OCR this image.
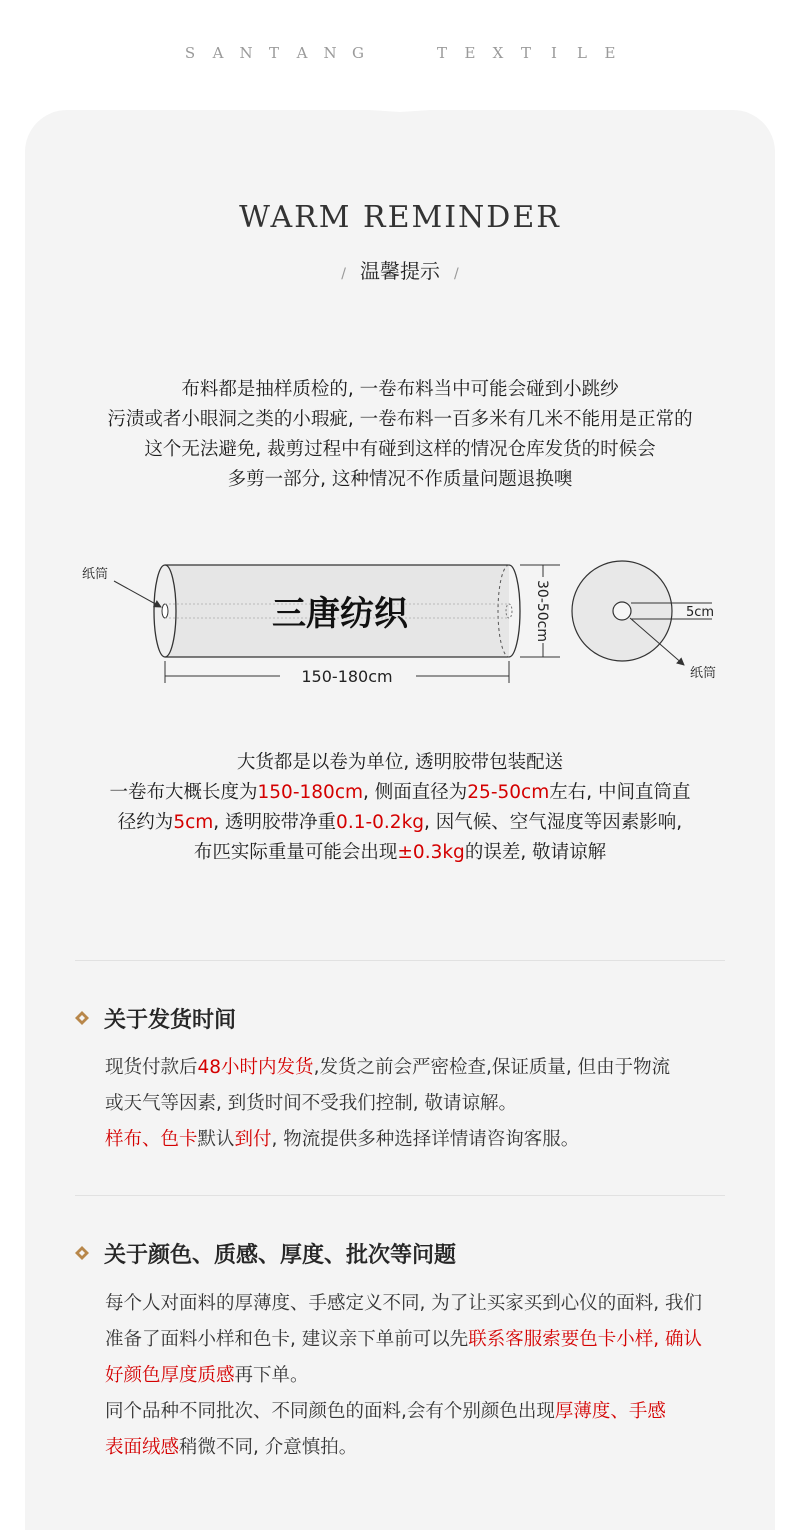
S A N T A N G	T E X T I L E
WARM REMINDER
/ 温馨提示 /
布料都是抽样质检的, 一卷布料当中可能会碰到小跳纱
污渍或者小眼洞之类的小瑕疵, 一卷布料一百多米有几米不能用是正常的
这个无法避免, 裁剪过程中有碰到这样的情况仓库发货的时候会
多剪一部分, 这种情况不作质量问题退换噢
三唐纺织
纸筒
150-180cm
30-50cm	5cm
纸筒
大货都是以卷为单位, 透明胶带包装配送
一卷布大概长度为150-180cm, 侧面直径为25-50cm左右, 中间直筒直
径约为5cm, 透明胶带净重0.1-0.2kg, 因气候、空气湿度等因素影响,
布匹实际重量可能会出现±0.3kg的误差, 敬请谅解
关于发货时间
现货付款后48小时内发货,发货之前会严密检查,保证质量, 但由于物流
或天气等因素, 到货时间不受我们控制, 敬请谅解。
样布、色卡默认到付, 物流提供多种选择详情请咨询客服。
关于颜色、质感、厚度、批次等问题
每个人对面料的厚薄度、手感定义不同, 为了让买家买到心仪的面料, 我们
准备了面料小样和色卡, 建议亲下单前可以先联系客服索要色卡小样, 确认
好颜色厚度质感再下单。
同个品种不同批次、不同颜色的面料,会有个别颜色出现厚薄度、手感
表面绒感稍微不同, 介意慎拍。
